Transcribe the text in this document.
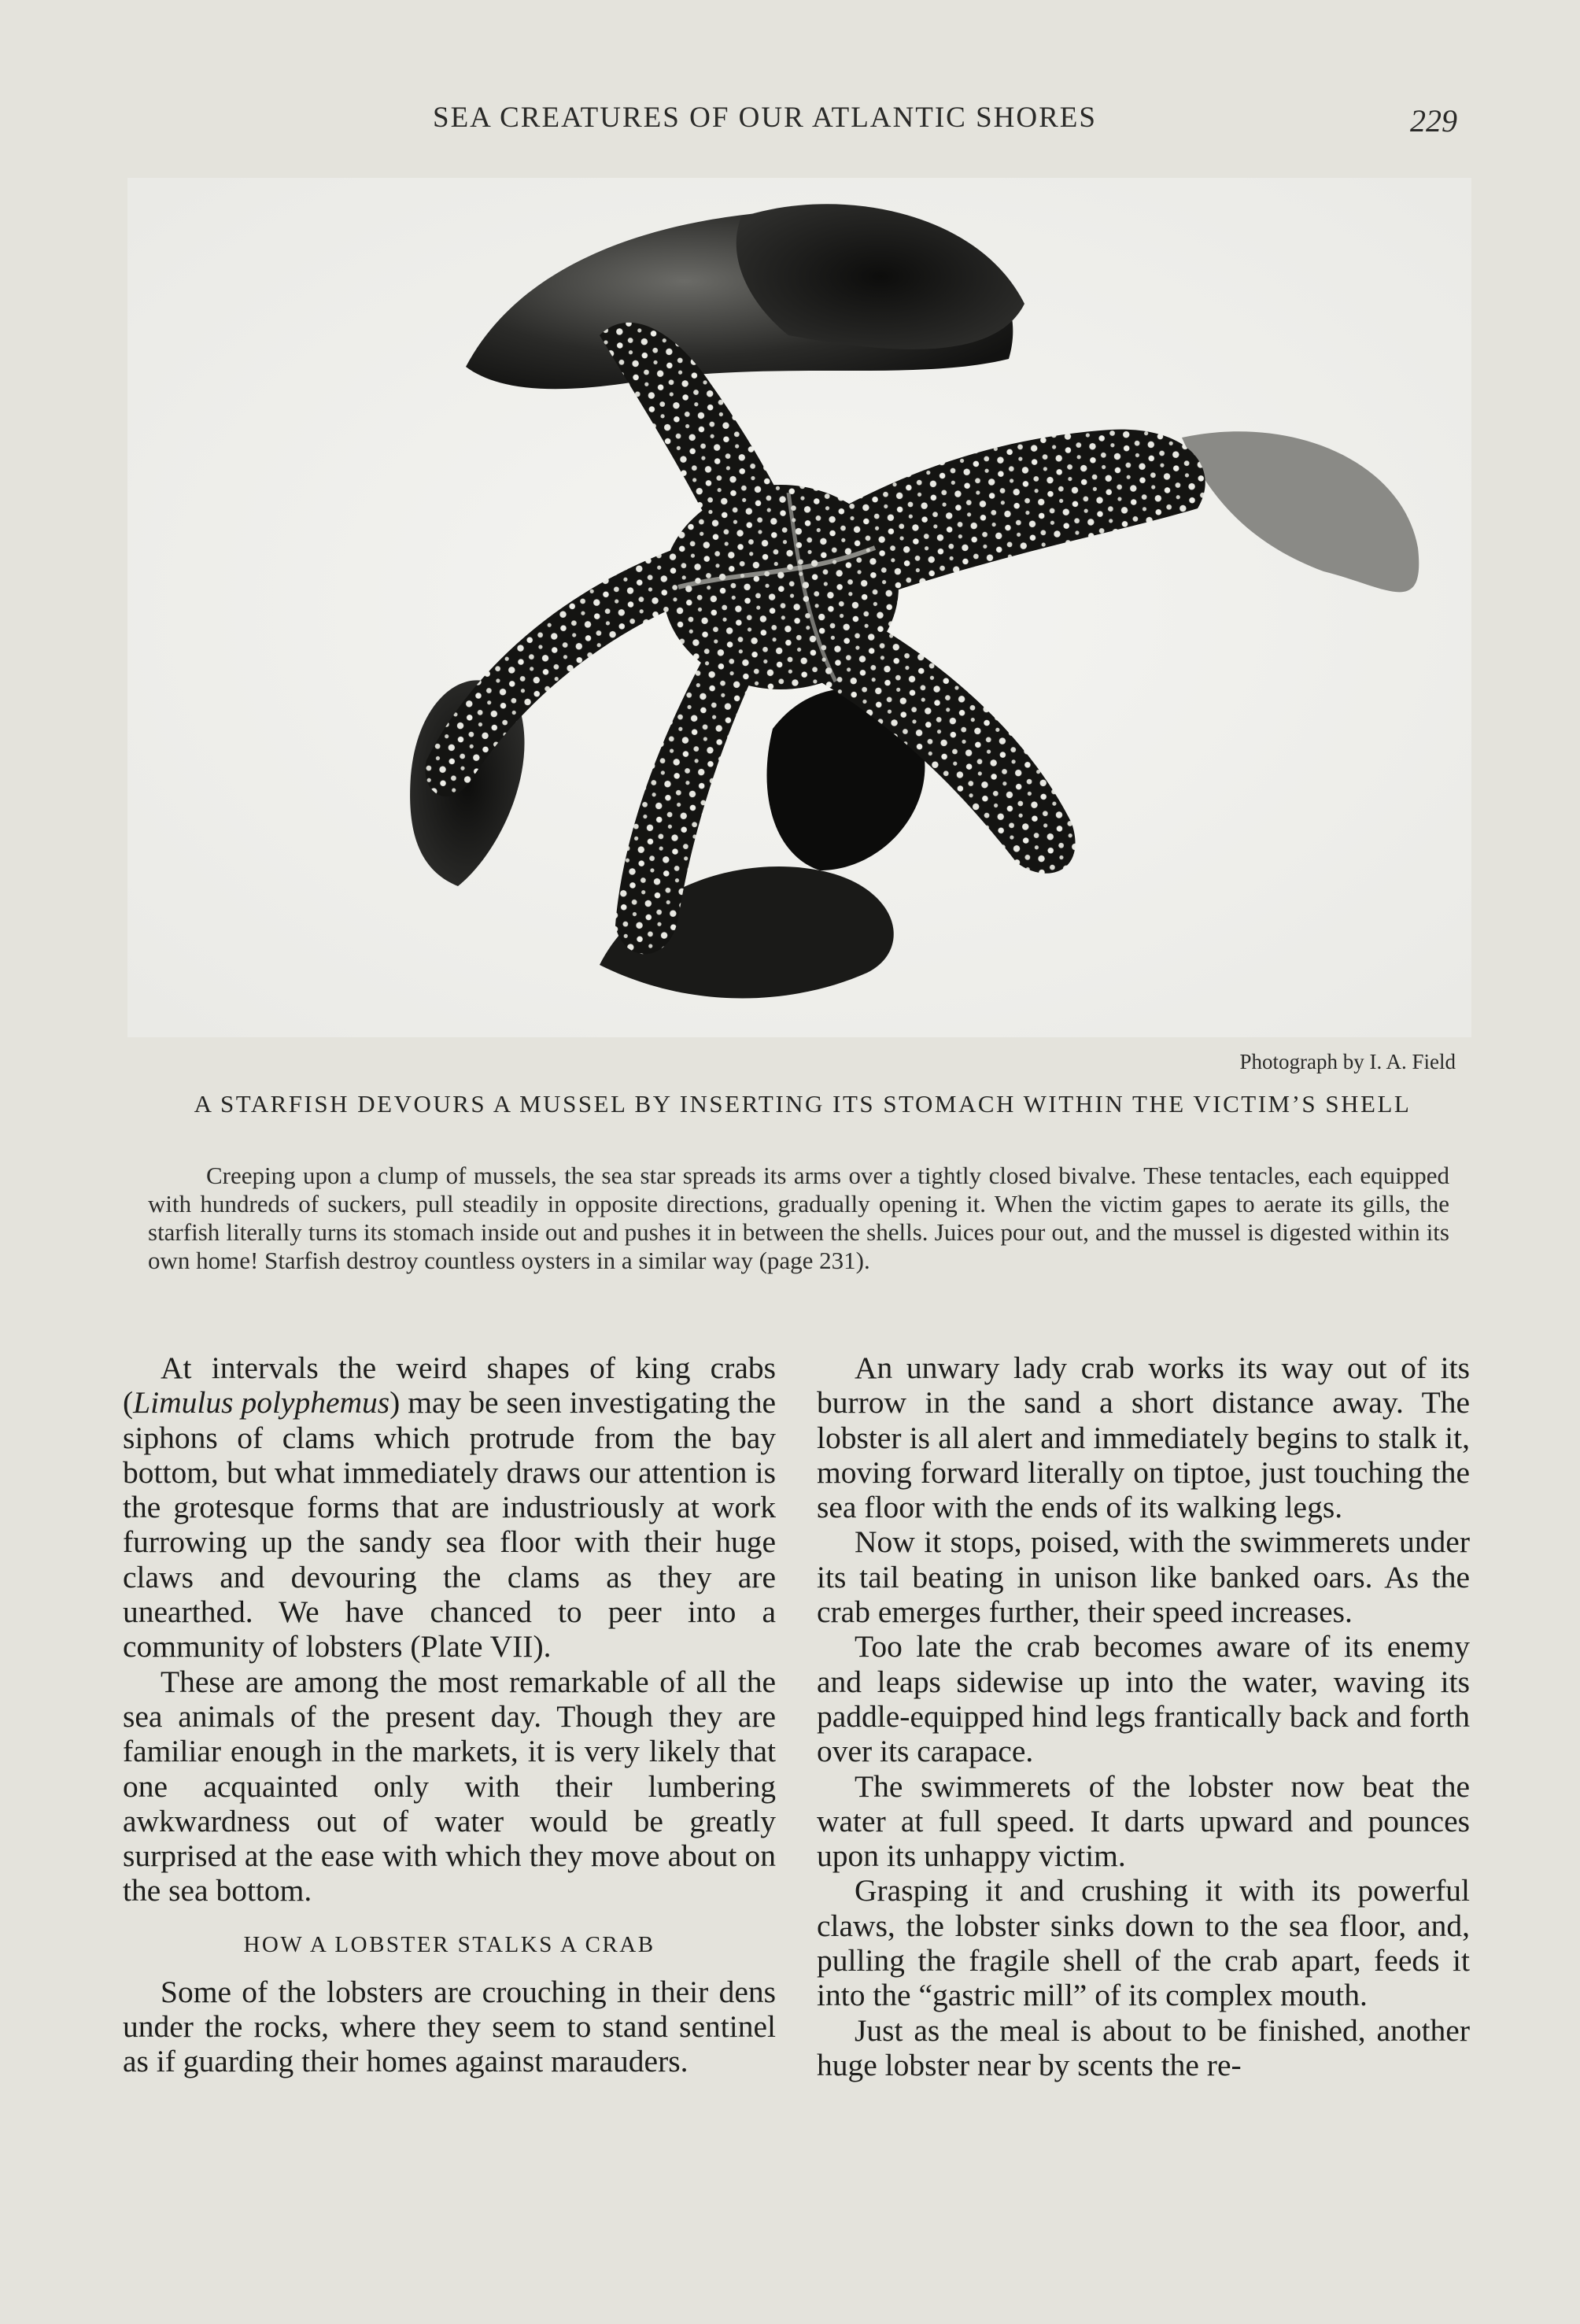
SEA CREATURES OF OUR ATLANTIC SHORES	229
Photograph by I. A. Field
A STARFISH DEVOURS A MUSSEL BY INSERTING ITS STOMACH WITHIN THE VICTIM’S SHELL
Creeping upon a clump of mussels, the sea star spreads its arms over a tightly closed bivalve. These tentacles, each equipped with hundreds of suckers, pull steadily in opposite directions, gradually opening it. When the victim gapes to aerate its gills, the starfish literally turns its stomach inside out and pushes it in between the shells. Juices pour out, and the mussel is digested within its own home! Starfish destroy countless oysters in a similar way (page 231).

At intervals the weird shapes of king crabs (Limulus polyphemus) may be seen investigating the siphons of clams which protrude from the bay bottom, but what immediately draws our attention is the grotesque forms that are industriously at work furrowing up the sandy sea floor with their huge claws and devouring the clams as they are unearthed. We have chanced to peer into a community of lobsters (Plate VII).

These are among the most remarkable of all the sea animals of the present day. Though they are familiar enough in the markets, it is very likely that one acquainted only with their lumbering awkwardness out of water would be greatly surprised at the ease with which they move about on the sea bottom.

HOW A LOBSTER STALKS A CRAB

Some of the lobsters are crouching in their dens under the rocks, where they seem to stand sentinel as if guarding their homes against marauders.

An unwary lady crab works its way out of its burrow in the sand a short distance away. The lobster is all alert and immediately begins to stalk it, moving forward literally on tiptoe, just touching the sea floor with the ends of its walking legs.

Now it stops, poised, with the swimmerets under its tail beating in unison like banked oars. As the crab emerges further, their speed increases.

Too late the crab becomes aware of its enemy and leaps sidewise up into the water, waving its paddle-equipped hind legs frantically back and forth over its carapace.

The swimmerets of the lobster now beat the water at full speed. It darts upward and pounces upon its unhappy victim.

Grasping it and crushing it with its powerful claws, the lobster sinks down to the sea floor, and, pulling the fragile shell of the crab apart, feeds it into the “gastric mill” of its complex mouth.

Just as the meal is about to be finished, another huge lobster near by scents the re-
